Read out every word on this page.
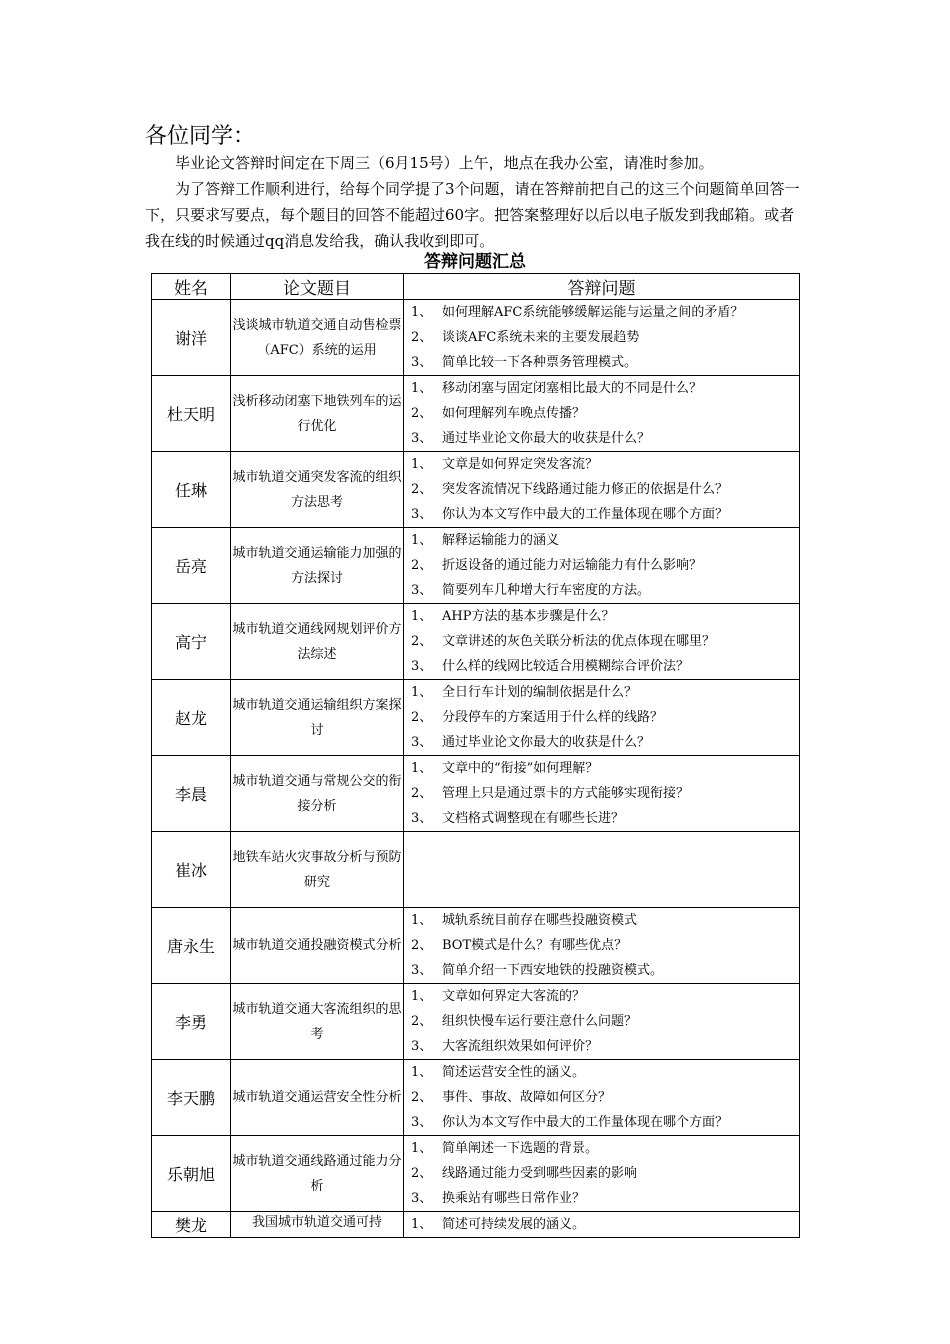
各位同学：

毕业论文答辩时间定在下周三（6月15号）上午，地点在我办公室，请准时参加。

为了答辩工作顺利进行，给每个同学提了3个问题，请在答辩前把自己的这三个问题简单回答一下，只要求写要点，每个题目的回答不能超过60字。把答案整理好以后以电子版发到我邮箱。或者我在线的时候通过qq消息发给我，确认我收到即可。

答辩问题汇总
姓名	论文题目	答辩问题
谢洋	浅谈城市轨道交通自动售检票（AFC）系统的运用	1、 如何理解AFC系统能够缓解运能与运量之间的矛盾？
2、 谈谈AFC系统未来的主要发展趋势
3、 简单比较一下各种票务管理模式。

杜天明	浅析移动闭塞下地铁列车的运行优化	1、 移动闭塞与固定闭塞相比最大的不同是什么？
2、 如何理解列车晚点传播？
3、 通过毕业论文你最大的收获是什么？

任琳	城市轨道交通突发客流的组织方法思考	1、 文章是如何界定突发客流？
2、 突发客流情况下线路通过能力修正的依据是什么？
3、 你认为本文写作中最大的工作量体现在哪个方面？

岳亮	城市轨道交通运输能力加强的方法探讨	1、 解释运输能力的涵义
2、 折返设备的通过能力对运输能力有什么影响？
3、 简要列车几种增大行车密度的方法。

高宁	城市轨道交通线网规划评价方法综述	1、 AHP方法的基本步骤是什么？
2、 文章讲述的灰色关联分析法的优点体现在哪里？
3、 什么样的线网比较适合用模糊综合评价法？

赵龙	城市轨道交通运输组织方案探讨	1、 全日行车计划的编制依据是什么？
2、 分段停车的方案适用于什么样的线路？
3、 通过毕业论文你最大的收获是什么？

李晨	城市轨道交通与常规公交的衔接分析	1、 文章中的“衔接”如何理解？
2、 管理上只是通过票卡的方式能够实现衔接？
3、 文档格式调整现在有哪些长进？

崔冰	地铁车站火灾事故分析与预防研究	
唐永生	城市轨道交通投融资模式分析	1、 城轨系统目前存在哪些投融资模式
2、 BOT模式是什么？有哪些优点？
3、 简单介绍一下西安地铁的投融资模式。

李勇	城市轨道交通大客流组织的思考	1、 文章如何界定大客流的？
2、 组织快慢车运行要注意什么问题？
3、 大客流组织效果如何评价？

李天鹏	城市轨道交通运营安全性分析	1、 简述运营安全性的涵义。
2、 事件、事故、故障如何区分？
3、 你认为本文写作中最大的工作量体现在哪个方面？

乐朝旭	城市轨道交通线路通过能力分析	1、 简单阐述一下选题的背景。
2、 线路通过能力受到哪些因素的影响
3、 换乘站有哪些日常作业？

樊龙	我国城市轨道交通可持	1、 简述可持续发展的涵义。
